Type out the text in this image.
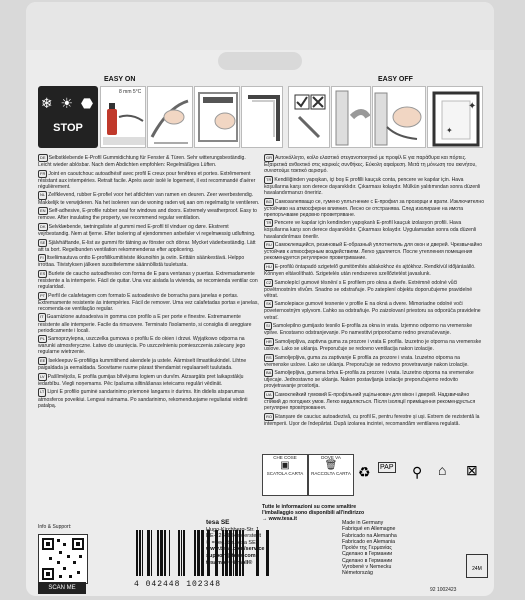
❄ ☀ ⬣
STOP
EASY ON	EASY OFF
8 mm 5°C
✦
✦

DE Selbstklebende E-Profil Gummidichtung für Fenster & Türen. Sehr witterungsbeständig. Leicht wieder ablösbar. Nach dem Abdichten empfohlen: Regelmäßiges Lüften.

FR Joint en caoutchouc autoadhésif avec profil E creux pour fenêtres et portes. Extrêmement résistant aux intempéries. Retrait facile. Après avoir isolé le logement, il est recommandé d'aérer régulièrement.

NL Zelfklevend, rubber E-profiel voor het afdichten van ramen en deuren. Zeer weerbestendig. Makkelijk te verwijderen. Na het isoleren van de woning raden wij aan om regelmatig te ventileren.

EN Self-adhesive, E-profile rubber seal for windows and doors. Extremely weatherproof. Easy to remove. After insulating the property, we recommend regular ventilation.

DK Selvklæbende, tætningsliste af gummi med E-profil til vinduer og døre. Ekstremt vejrbestandig. Nem at fjerne. Efter isolering af ejendommen anbefaler vi regelmæssig udluftning.

SE Självhäftande, E-list av gummi för tätning av fönster och dörrar. Mycket väderbeständig. Lätt att ta bort. Regelbunden ventilation rekommenderas efter applicering.

FI Itseliimautuva ontto E-profiilikumitiiviste ikkunoihin ja oviin. Erittäin säänkestävä. Helppo irrottaa. Tiivistyksen jälkeen suosittelemme säännöllistä tuuletusta.

ES Burlete de caucho autoadhesivo con forma de E para ventanas y puertas. Extremadamente resistente a la intemperie. Fácil de quitar. Una vez aislada la vivienda, se recomienda ventilar con regularidad.

PT Perfil de calafetagem com formato E autoadesivo de borracha para janelas e portas. Extremamente resistente às intempéries. Fácil de remover. Uma vez calafetadas portas e janelas, recomenda-se ventilação regular.

IT Guarnizione autoadesiva in gomma con profilo a E per porte e finestre. Estremamente resistente alle intemperie. Facile da rimuovere. Terminato l'isolamento, si consiglia di areggiare periodicamente i locali.

PL Samoprzylepna, uszczelka gumowa o profilu E do okien i drzwi. Wyjątkowo odporna na warunki atmosferyczne. Łatwo do usunięcia. Po uszczelnieniu pomieszczenia zalecany jego regularne wietrzenie.

EE Isekleepuv E-profiiliga kummitihend akendele ja ustele. Äärmiselt ilmastikukindel. Lihtne paigaldada ja eemaldada. Soovitame ruume pärast tihendamist regulaarselt tuulutada.

LV Pašlīmējošs, E profila gumijas blīvējums logiem un durvīm. Aizsargāts pret laikapstākļu iedarbību. Viegli noņemams. Pēc īpašuma siltināšanas ieteicams regulāri vēdināt.

LT Lipni E profilio guminė sandarinimo priemonė langams ir durims. Itin didelis atsparumas atmosferos poveikiui. Lengvai nuimama. Po sandarinimo, rekomenduojame reguliariai vėdinti patalpą.

GR Αυτοκόλλητο, κοίλο ελαστικό στεγανοποιητικό με προφίλ E για παράθυρα και πόρτες. Εξαιρετικά ανθεκτικό στις καιρικές συνθήκες. Εύκολη αφαίρεση. Μετά τη μόνωση του ακινήτου, συνιστούμε τακτικό αερισμό.

TR Kendiliğinden yapışkan, içi boş E profilli kauçuk conta, pencere ve kapılar için. Hava koşullarına karşı son derece dayanıklıdır. Çıkarması kolaydır. Mülkün yalıtımından sonra düzenli havalandırmanızı öneririz.

BG Самозалепващо се, гумено уплътнение с Е-профил за прозорци и врати. Изключително устойчиво на атмосферни влияния. Лесно се отстранява. След изолиране на имота препоръчваме редовно проветряване.

TR Pencere ve kapılar için kendinden yapışkanlı E-profil kauçuk izolasyon profili. Hava koşullarına karşı son derece dayanıklıdır. Çıkarması kolaydır. Uygulamadan sonra oda düzenli havalandırılması önerilir.

RU Самоклеящийся, резиновый Е-образный уплотнитель для окон и дверей. Чрезвычайно устойчив к атмосферным воздействиям. Легко удаляется. После утепления помещения рекомендуется регулярное проветривание.

HU E-profilú öntapadó szigetelő gumitömítés ablakokhoz és ajtókhoz. Rendkívül időjárásálló. Könnyen eltávolítható. Szigetelés után rendszeres szellőztetést javaslunk.

CZ Samolepící gumové těsnění s E profilem pro okna a dveře. Extrémně odolné vůči povětrnostním vlivům. Snadno se odstraňuje. Po zateplení objektu doporučujeme pravidelné větrat.

SK Samolepiace gumové tesnenie v profile E na okná a dvere. Mimoriadne odolné voči poveternostným vplyvom. Ľahko sa odstraňuje. Po zaizolovaní priestoru sa odporúča pravidelne vetrať.

SI Samolepilno gumijasto tesnilo E-profila za okna in vrata. Izjemno odporno na vremenske vplive. Enostavno odstranjevanje. Po namestitvi priporočamo redno prezračevanje.

HR Samoljepljiva, zaptivna guma za prozore i vrata E profila. Izuzetno je otporna na vremenske uslove. Lako se uklanja. Preporučuje se redovno ventilacija nakon izolacije.

RS Samoljepljiva, guma za zaptivanje E profila za prozore i vrata. Izuzetno otporna na vremenske uslove. Lako se uklanja. Preporučuje se redovno provetravanje nakon izolacije.

BA Samoljepljiva, gumena brtva E-profila za prozore i vrata. Izuzetno otporna na vremenske utjecaje. Jednostavno se uklanja. Nakon postavljanja izolacije preporučujemo redovito provjetravanje prostorija.

UA Самоклейкий гумовий Е-профільний ущільнювач для вікон і дверей. Надзвичайно стійкий до погодних умов. Легко видаляється. Після ізоляції приміщення рекомендується регулярне провітрювання.

RO Etanșare de cauciuc autoadezivă, cu profil E, pentru ferestre și uși. Extrem de rezistentă la intemperii. Ușor de îndepărtat. După izolarea incintei, recomandăm ventilarea regulată.

CHE COSE
▣
SCATOLA CARTA
DOVE VA
🗑
RACCOLTA CARTA ♻ PAP ⚲ ⌂ ⊠
Tutte le informazioni su come smaltire
l'imballaggio sono disponibili all'indirizzo
→ www.tesa.it
Info & Support:
SCAN ME	4 042448 102348
tesa SE
Hugo-Kirchberg-Str. 1
DE-22848 Norderstedt
® = reg. tm. tesa SE
www.tesa.com/service
support@tesa.com
tesamoll® / moll®
Made in Germany
Fabriqué en Allemagne
Fabricado na Alemanha
Fabricado en Alemania
Προϊόν της Γερμανίας
Сделано в Германии
Сделано в Германии
Vyrobené v Nemecku
Németország
24M
92 1002423
